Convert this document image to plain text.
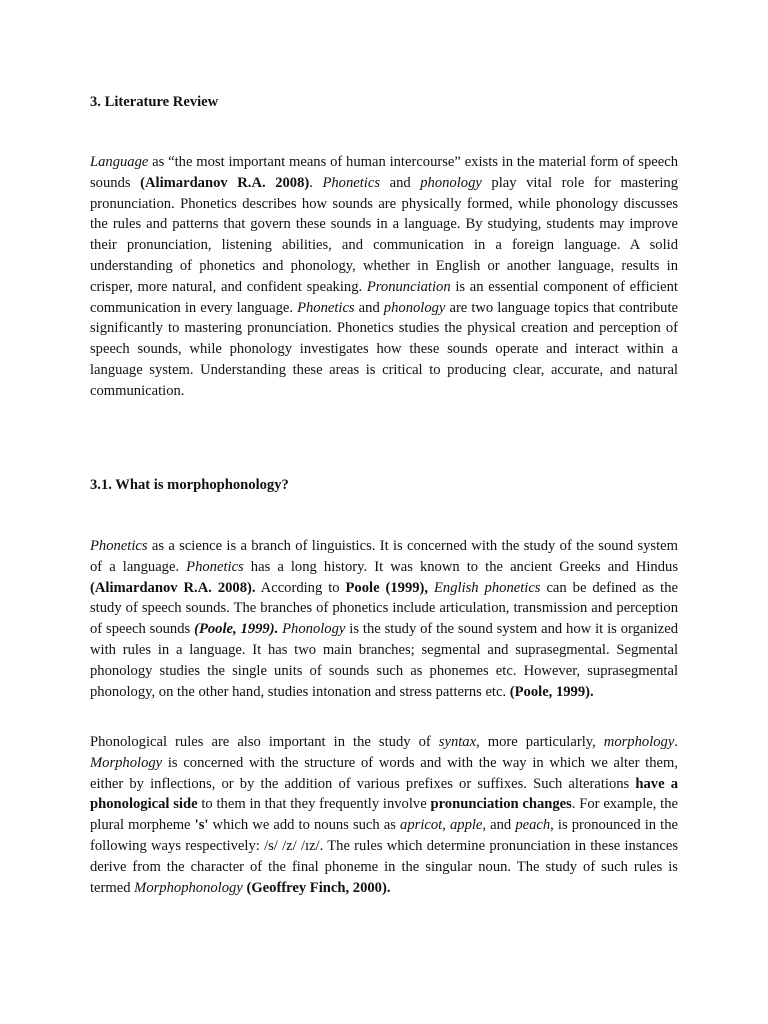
3. Literature Review

Language as “the most important means of human intercourse” exists in the material form of speech sounds (Alimardanov R.A. 2008). Phonetics and phonology play vital role for mastering pronunciation. Phonetics describes how sounds are physically formed, while phonology discusses the rules and patterns that govern these sounds in a language. By studying, students may improve their pronunciation, listening abilities, and communication in a foreign language. A solid understanding of phonetics and phonology, whether in English or another language, results in crisper, more natural, and confident speaking. Pronunciation is an essential component of efficient communication in every language. Phonetics and phonology are two language topics that contribute significantly to mastering pronunciation. Phonetics studies the physical creation and perception of speech sounds, while phonology investigates how these sounds operate and interact within a language system. Understanding these areas is critical to producing clear, accurate, and natural communication.

3.1. What is morphophonology?

Phonetics as a science is a branch of linguistics. It is concerned with the study of the sound system of a language. Phonetics has a long history. It was known to the ancient Greeks and Hindus (Alimardanov R.A. 2008). According to Poole (1999), English phonetics can be defined as the study of speech sounds. The branches of phonetics include articulation, transmission and perception of speech sounds (Poole, 1999). Phonology is the study of the sound system and how it is organized with rules in a language. It has two main branches; segmental and suprasegmental. Segmental phonology studies the single units of sounds such as phonemes etc. However, suprasegmental phonology, on the other hand, studies intonation and stress patterns etc. (Poole, 1999).

Phonological rules are also important in the study of syntax, more particularly, morphology. Morphology is concerned with the structure of words and with the way in which we alter them, either by inflections, or by the addition of various prefixes or suffixes. Such alterations have a phonological side to them in that they frequently involve pronunciation changes. For example, the plural morpheme 's' which we add to nouns such as apricot, apple, and peach, is pronounced in the following ways respectively: /s/ /z/ /ɪz/. The rules which determine pronunciation in these instances derive from the character of the final phoneme in the singular noun. The study of such rules is termed Morphophonology (Geoffrey Finch, 2000).
